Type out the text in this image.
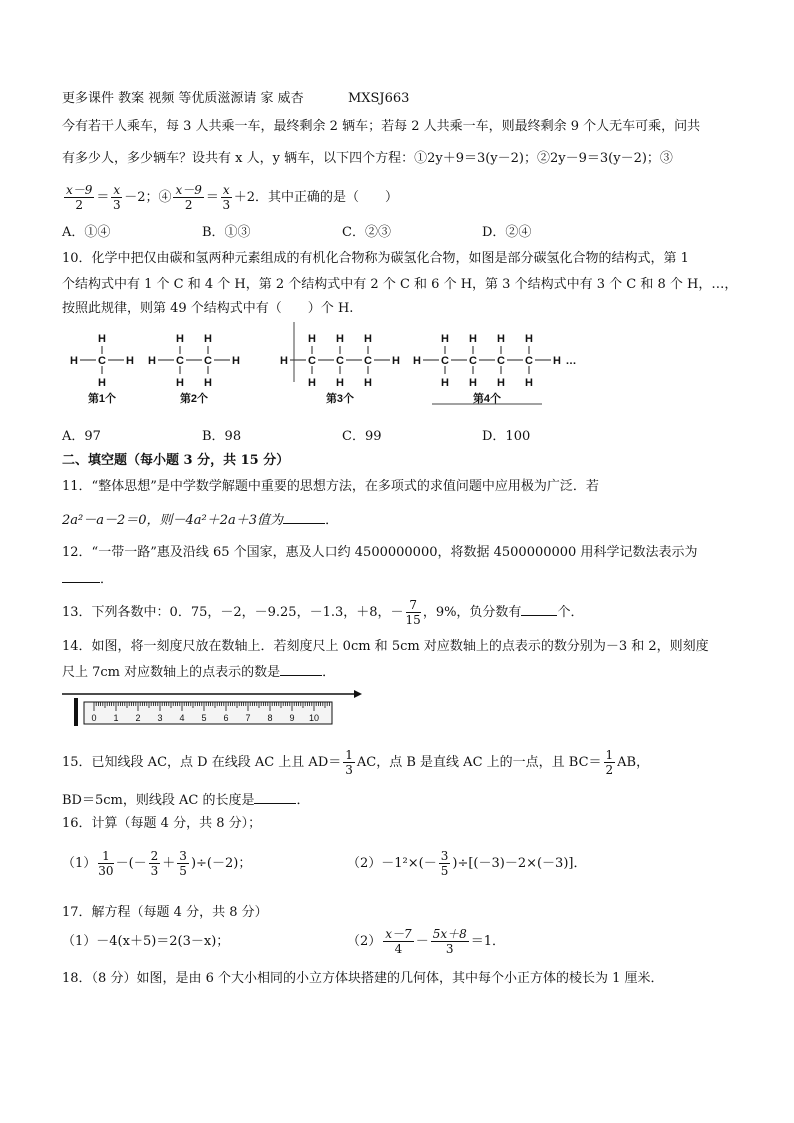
更多课件 教案 视频 等优质滋源请 家 威杏	MXSJ663
今有若干人乘车，每 3 人共乘一车，最终剩余 2 辆车；若每 2 人共乘一车，则最终剩余 9 个人无车可乘，问共
有多少人，多少辆车？设共有 x 人，y 辆车，以下四个方程：①2y＋9＝3(y－2)；②2y－9＝3(y－2)；③
$\frac{x-9}{2} = \frac{x}{3} -2$；④ $\frac{x-9}{2} = \frac{x}{3} +2$．其中正确的是（　　）
A．①④	B．①③	C．②③	D．②④
10．化学中把仅由碳和氢两种元素组成的有机化合物称为碳氢化合物，如图是部分碳氢化合物的结构式，第 1
个结构式中有 1 个 C 和 4 个 H，第 2 个结构式中有 2 个 C 和 6 个 H，第 3 个结构式中有 3 个 C 和 8 个 H，…，
按照此规律，则第 49 个结构式中有（　　）个 H.
H C
H
H
H
第1个
H C
H
H
C
H
H
H
第2个
H C
H
H
C
H
H
C
H
H
H
第3个
H C
H
H
C
H
H
C
H
H
C
H
H
H …
第4个
A．97	B．98	C．99	D．100
二、填空题（每小题 3 分，共 15 分）
11．“整体思想”是中学数学解题中重要的思想方法，在多项式的求值问题中应用极为广泛．若
2a²－a－2＝0，则－4a²＋2a＋3值为	．
12．“一带一路”惠及沿线 65 个国家，惠及人口约 4500000000，将数据 4500000000 用科学记数法表示为
．
13．下列各数中：0．75，－2，－9.25，－1.3，＋8，－ $\frac{7}{15}$ ，9%，负分数有	个．
14．如图，将一刻度尺放在数轴上．若刻度尺上 0cm 和 5cm 对应数轴上的点表示的数分别为－3 和 2，则刻度
尺上 7cm 对应数轴上的点表示的数是	．
0 1 2 3 4 5 6 7 8 9 10
15．已知线段 AC，点 D 在线段 AC 上且 $AD= \frac{1}{3}$ AC，点 B 是直线 AC 上的一点，且 $BC= \frac{1}{2}$ AB，
BD＝5cm，则线段 AC 的长度是	．
16．计算（每题 4 分，共 8 分）；
$(1) \frac{1}{30}$ －(－ $\frac{2}{3} + \frac{3}{5} )\div(-2)$；	$(2)-1^2\times(- \frac{3}{5} )\div[(-3)-2\times(-3)]$．
17．解方程（每题 4 分，共 8 分）
（1）－4(x＋5)＝2(3－x)；	$(2) \frac{x-7}{4} - \frac{5x+8}{3} =1$．
18．（8 分）如图，是由 6 个大小相同的小立方体块搭建的几何体，其中每个小正方体的棱长为 1 厘米．
